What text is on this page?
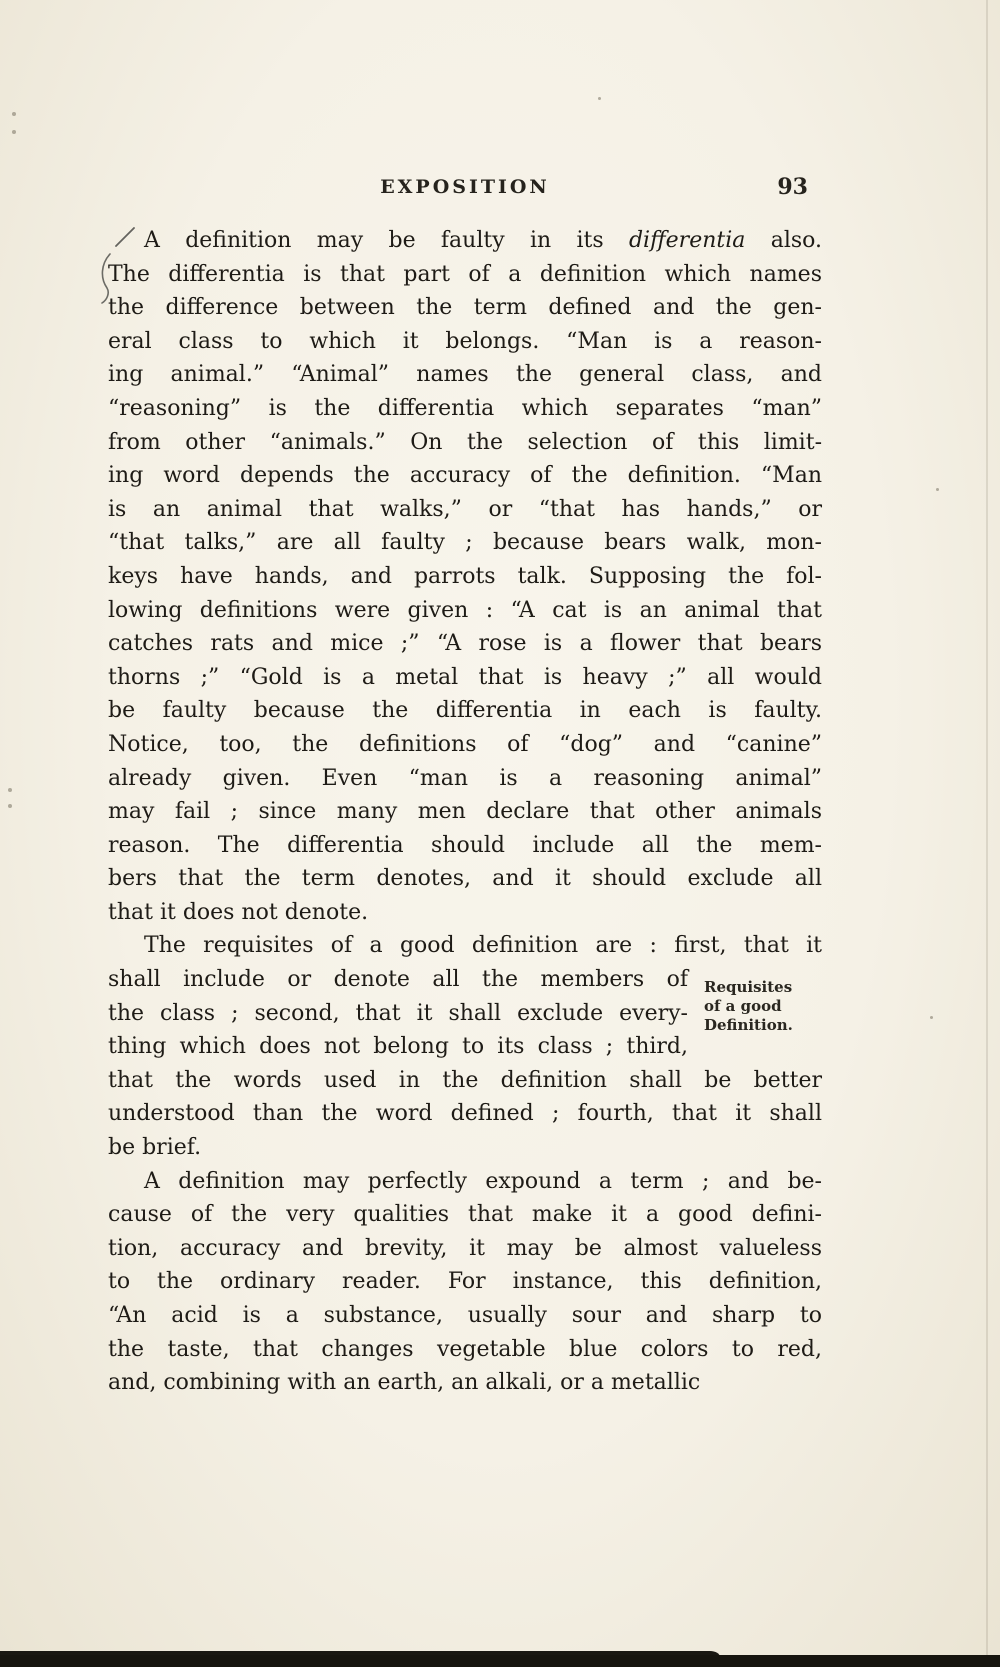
EXPOSITION	93
Requisites
of a good
Definition.
A definition may be faulty in its differentia also.
The differentia is that part of a definition which names
the difference between the term defined and the gen-
eral class to which it belongs. “Man is a reason-
ing animal.” “Animal” names the general class, and
“reasoning” is the differentia which separates “man”
from other “animals.” On the selection of this limit-
ing word depends the accuracy of the definition. “Man
is an animal that walks,” or “that has hands,” or
“that talks,” are all faulty ; because bears walk, mon-
keys have hands, and parrots talk. Supposing the fol-
lowing definitions were given : “A cat is an animal that
catches rats and mice ;” “A rose is a flower that bears
thorns ;” “Gold is a metal that is heavy ;” all would
be faulty because the differentia in each is faulty.
Notice, too, the definitions of “dog” and “canine”
already given. Even “man is a reasoning animal”
may fail ; since many men declare that other animals
reason. The differentia should include all the mem-
bers that the term denotes, and it should exclude all
that it does not denote.
The requisites of a good definition are : first, that it
shall include or denote all the members of
the class ; second, that it shall exclude every-
thing which does not belong to its class ; third,
that the words used in the definition shall be better
understood than the word defined ; fourth, that it shall
be brief.
A definition may perfectly expound a term ; and be-
cause of the very qualities that make it a good defini-
tion, accuracy and brevity, it may be almost valueless
to the ordinary reader. For instance, this definition,
“An acid is a substance, usually sour and sharp to
the taste, that changes vegetable blue colors to red,
and, combining with an earth, an alkali, or a metallic
